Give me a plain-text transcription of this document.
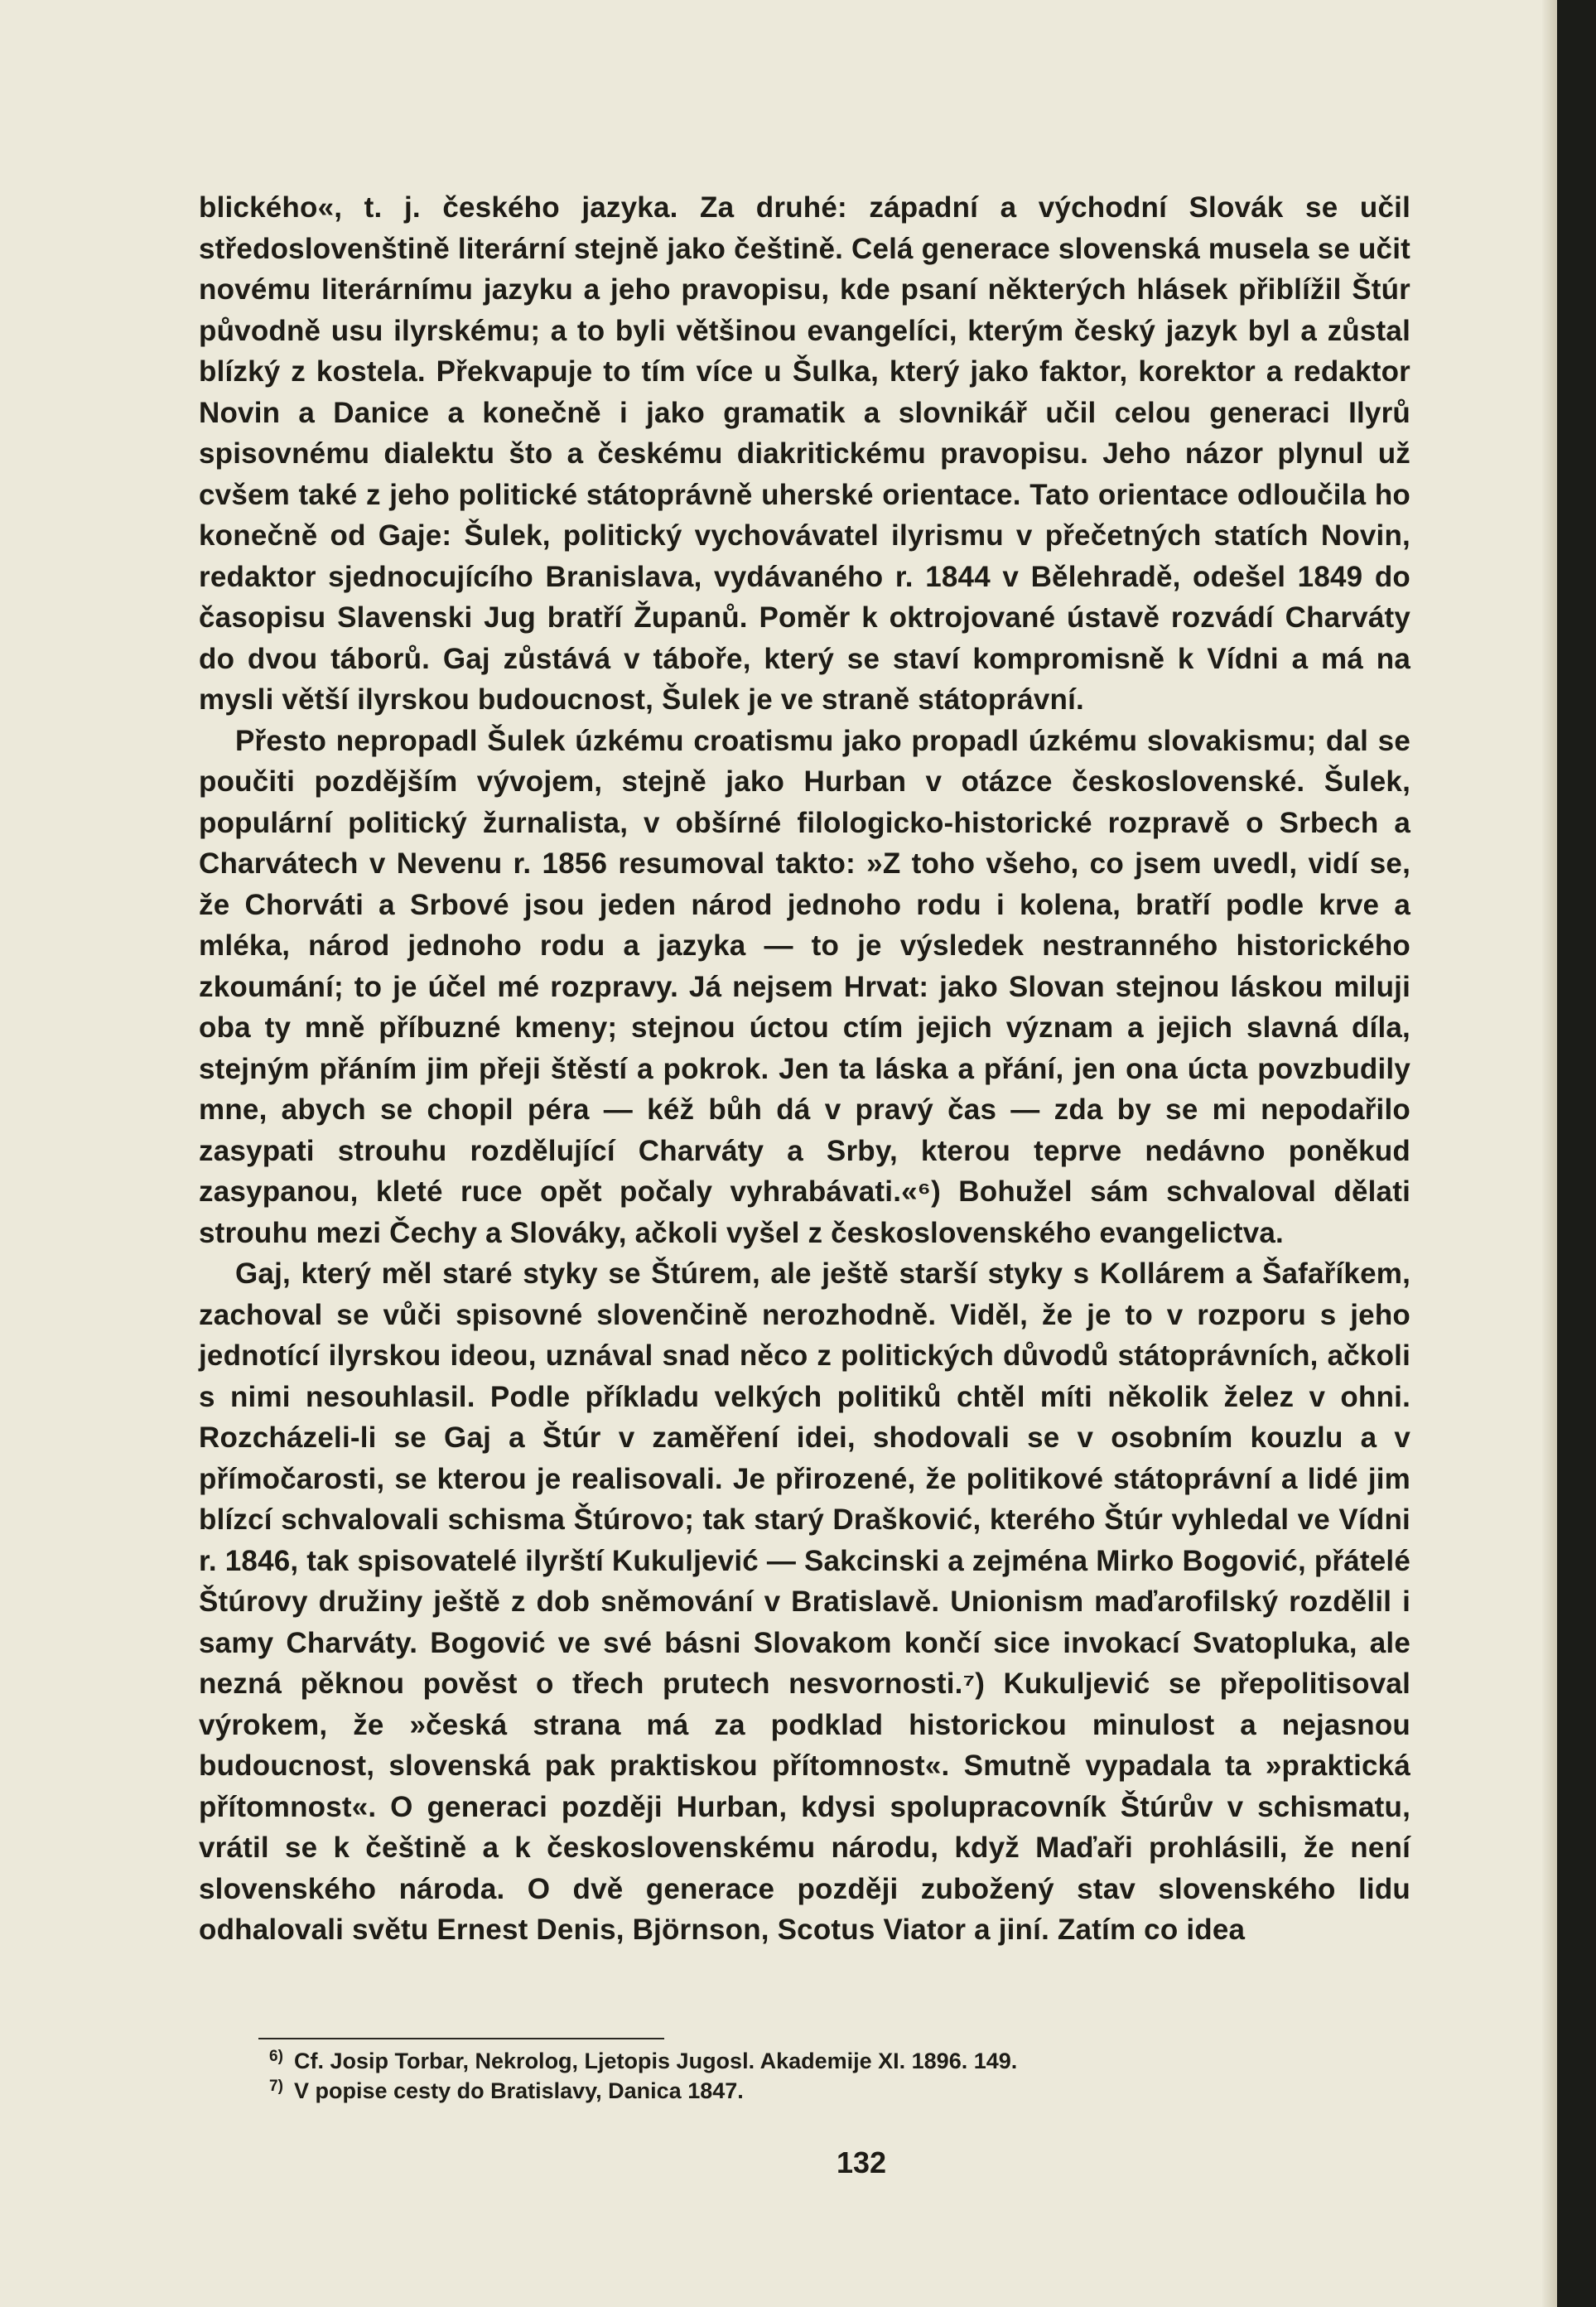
blického«, t. j. českého jazyka. Za druhé: západní a východní Slovák se učil středoslovenštině literární stejně jako češtině. Celá generace slovenská musela se učit novému literárnímu jazyku a jeho pravopisu, kde psaní některých hlásek přiblížil Štúr původně usu ilyrskému; a to byli většinou evangelíci, kterým český jazyk byl a zůstal blízký z kostela. Překvapuje to tím více u Šulka, který jako faktor, korektor a redaktor Novin a Danice a konečně i jako gramatik a slovnikář učil celou generaci Ilyrů spisovnému dialektu što a českému diakritickému pravopisu. Jeho názor plynul už cvšem také z jeho politické státoprávně uherské orientace. Tato orientace odloučila ho konečně od Gaje: Šulek, politický vychovávatel ilyrismu v přečetných statích Novin, redaktor sjednocujícího Branislava, vydávaného r. 1844 v Bělehradě, odešel 1849 do časopisu Slavenski Jug bratří Županů. Poměr k oktrojované ústavě rozvádí Charváty do dvou táborů. Gaj zůstává v táboře, který se staví kompromisně k Vídni a má na mysli větší ilyrskou budoucnost, Šulek je ve straně státoprávní.

Přesto nepropadl Šulek úzkému croatismu jako propadl úzkému slovakismu; dal se poučiti pozdějším vývojem, stejně jako Hurban v otázce československé. Šulek, populární politický žurnalista, v obšírné filologicko-historické rozpravě o Srbech a Charvátech v Nevenu r. 1856 resumoval takto: »Z toho všeho, co jsem uvedl, vidí se, že Chorváti a Srbové jsou jeden národ jednoho rodu i kolena, bratří podle krve a mléka, národ jednoho rodu a jazyka — to je výsledek nestranného historického zkoumání; to je účel mé rozpravy. Já nejsem Hrvat: jako Slovan stejnou láskou miluji oba ty mně příbuzné kmeny; stejnou úctou ctím jejich význam a jejich slavná díla, stejným přáním jim přeji štěstí a pokrok. Jen ta láska a přání, jen ona úcta povzbudily mne, abych se chopil péra — kéž bůh dá v pravý čas — zda by se mi nepodařilo zasypati strouhu rozdělující Charváty a Srby, kterou teprve nedávno poněkud zasypanou, kleté ruce opět počaly vyhrabávati.«⁶) Bohužel sám schvaloval dělati strouhu mezi Čechy a Slováky, ačkoli vyšel z československého evangelictva.

Gaj, který měl staré styky se Štúrem, ale ještě starší styky s Kollárem a Šafaříkem, zachoval se vůči spisovné slovenčině nerozhodně. Viděl, že je to v rozporu s jeho jednotící ilyrskou ideou, uznával snad něco z politických důvodů státoprávních, ačkoli s nimi nesouhlasil. Podle příkladu velkých politiků chtěl míti několik želez v ohni. Rozcházeli-li se Gaj a Štúr v zaměření idei, shodovali se v osobním kouzlu a v přímočarosti, se kterou je realisovali. Je přirozené, že politikové státoprávní a lidé jim blízcí schvalovali schisma Štúrovo; tak starý Drašković, kterého Štúr vyhledal ve Vídni r. 1846, tak spisovatelé ilyrští Kukuljević — Sakcinski a zejména Mirko Bogović, přátelé Štúrovy družiny ještě z dob sněmování v Bratislavě. Unionism maďarofilský rozdělil i samy Charváty. Bogović ve své básni Slovakom končí sice invokací Svatopluka, ale nezná pěknou pověst o třech prutech nesvornosti.⁷) Kukuljević se přepolitisoval výrokem, že »česká strana má za podklad historickou minulost a nejasnou budoucnost, slovenská pak praktiskou přítomnost«. Smutně vypadala ta »praktická přítomnost«. O generaci později Hurban, kdysi spolupracovník Štúrův v schismatu, vrátil se k češtině a k československému národu, když Maďaři prohlásili, že není slovenského národa. O dvě generace později zubožený stav slovenského lidu odhalovali světu Ernest Denis, Björnson, Scotus Viator a jiní. Zatím co idea

6) Cf. Josip Torbar, Nekrolog, Ljetopis Jugosl. Akademije XI. 1896. 149.
7) V popise cesty do Bratislavy, Danica 1847.
132
